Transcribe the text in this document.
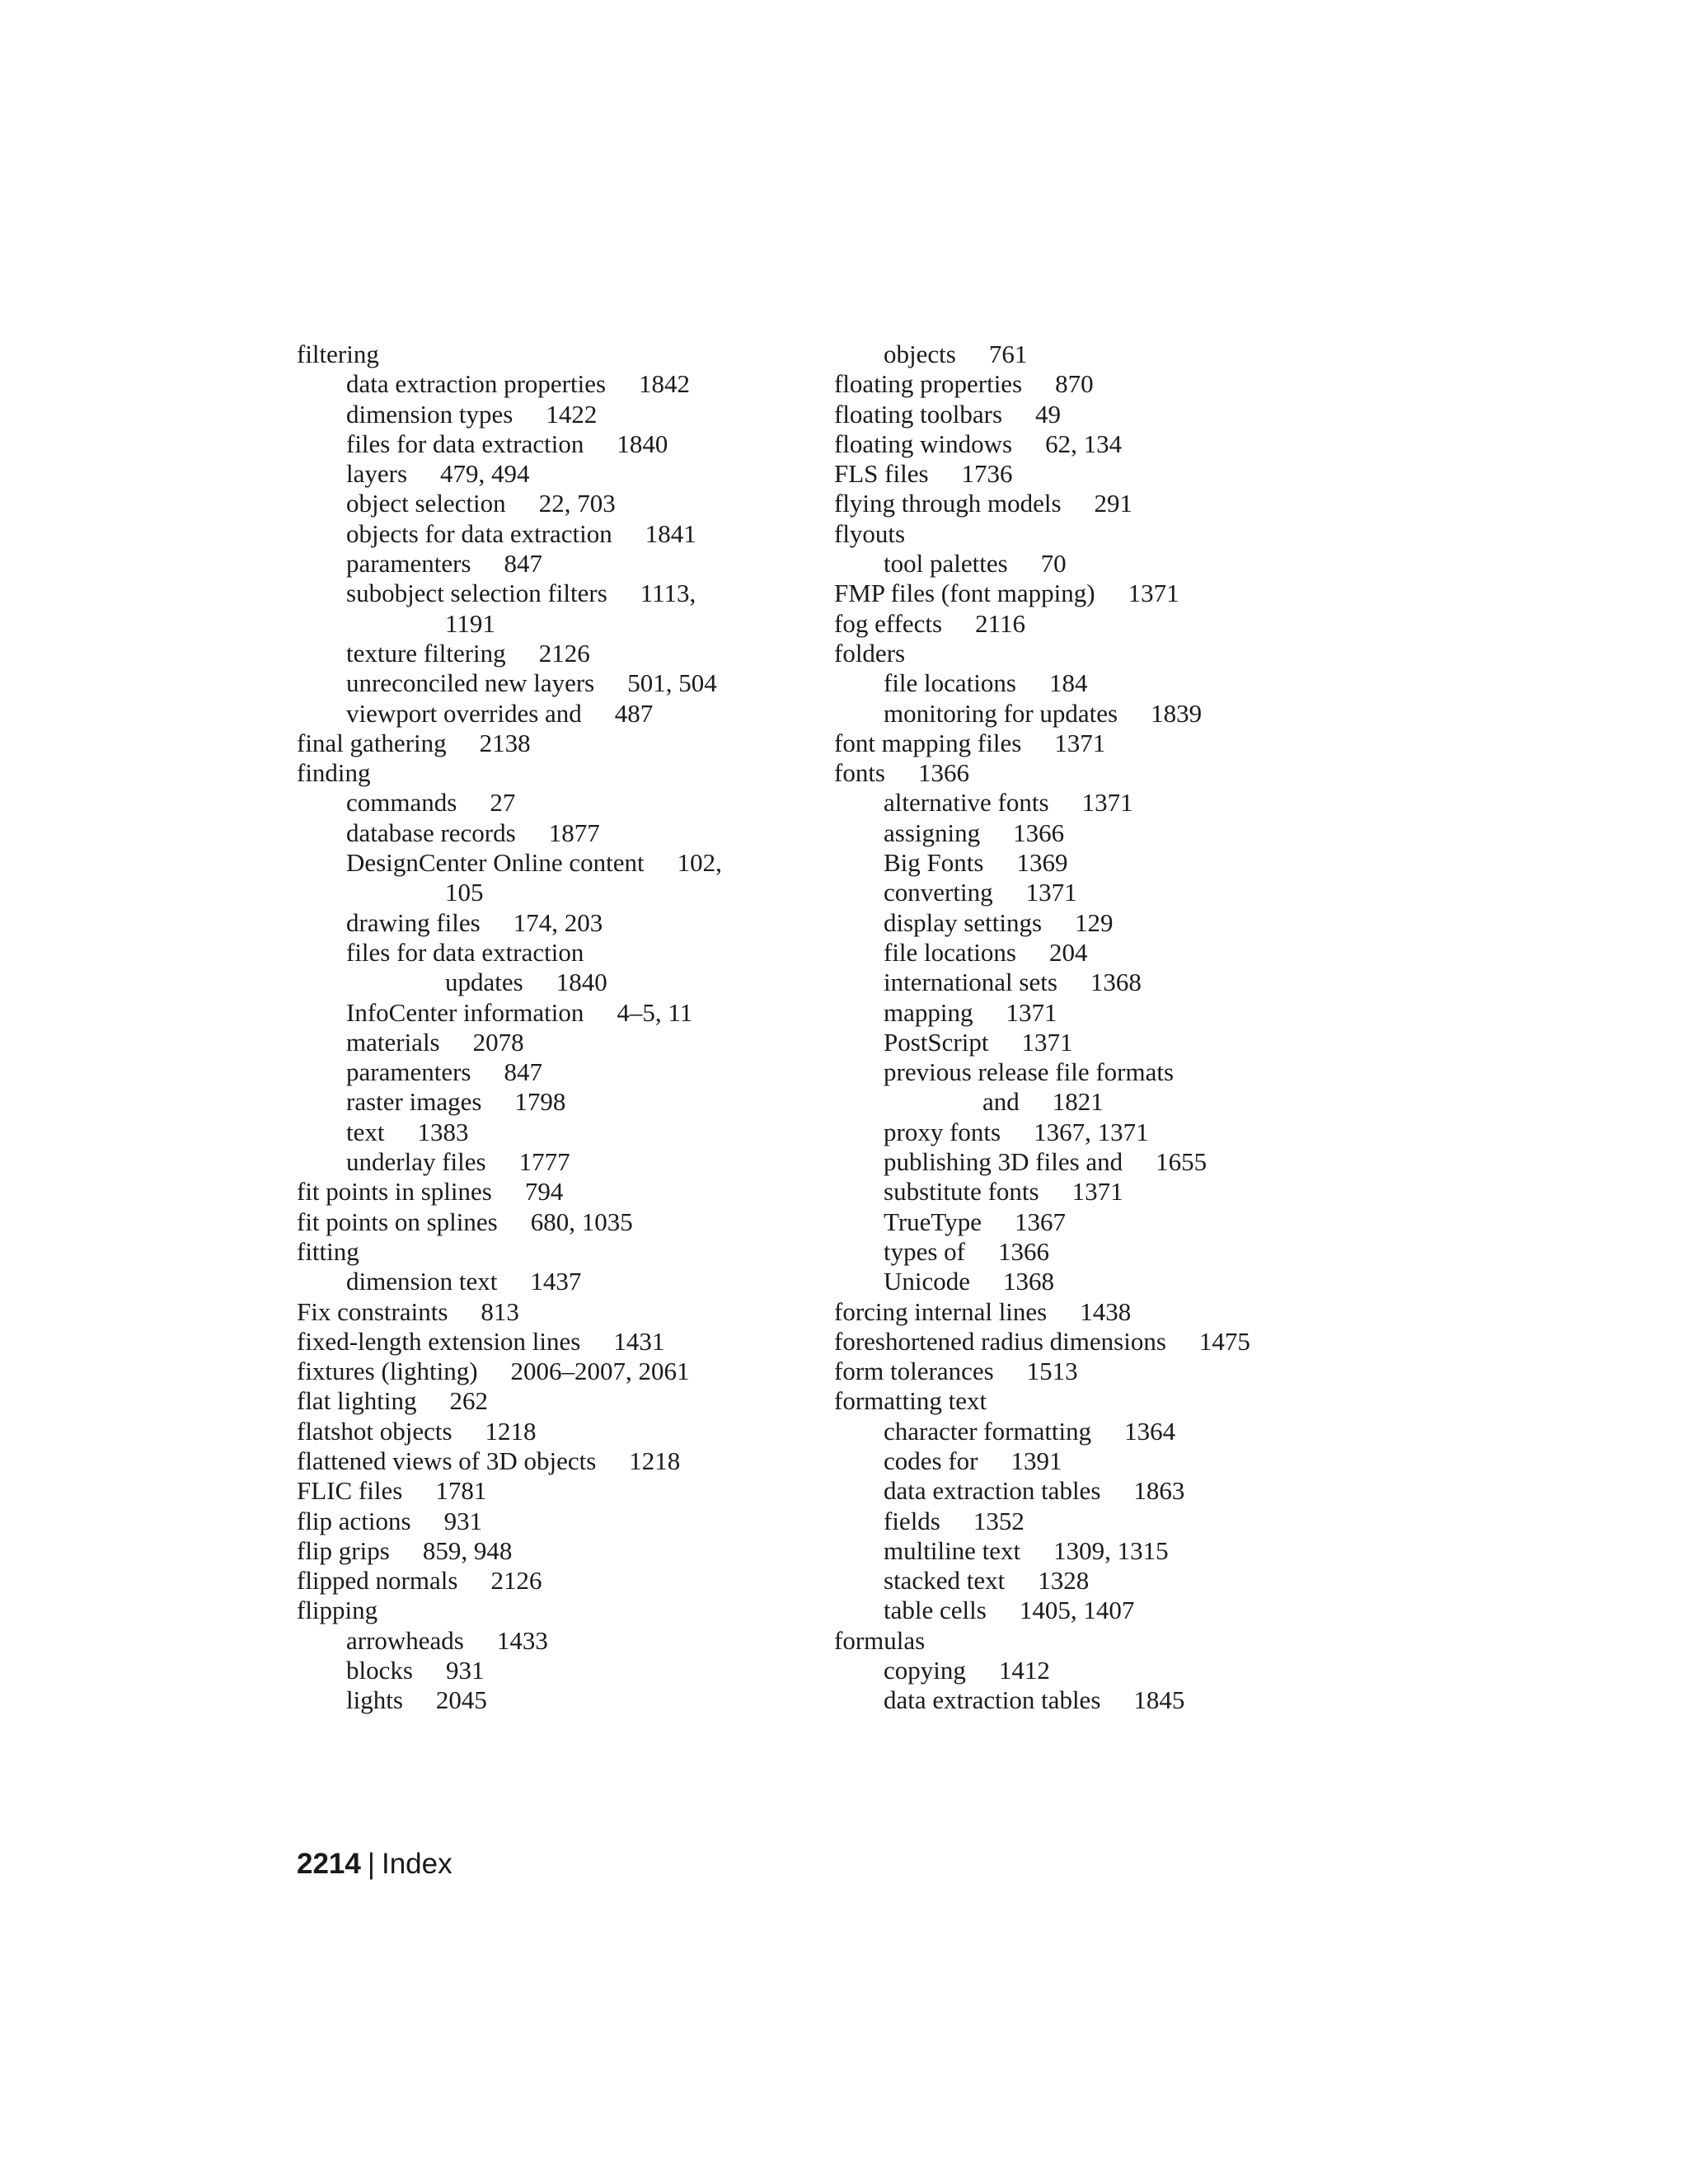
filtering
data extraction properties 1842
dimension types 1422
files for data extraction 1840
layers 479, 494
object selection 22, 703
objects for data extraction 1841
paramenters 847
subobject selection filters 1113,
1191
texture filtering 2126
unreconciled new layers 501, 504
viewport overrides and 487
final gathering 2138
finding
commands 27
database records 1877
DesignCenter Online content 102,
105
drawing files 174, 203
files for data extraction
updates 1840
InfoCenter information 4–5, 11
materials 2078
paramenters 847
raster images 1798
text 1383
underlay files 1777
fit points in splines 794
fit points on splines 680, 1035
fitting
dimension text 1437
Fix constraints 813
fixed-length extension lines 1431
fixtures (lighting) 2006–2007, 2061
flat lighting 262
flatshot objects 1218
flattened views of 3D objects 1218
FLIC files 1781
flip actions 931
flip grips 859, 948
flipped normals 2126
flipping
arrowheads 1433
blocks 931
lights 2045
objects 761
floating properties 870
floating toolbars 49
floating windows 62, 134
FLS files 1736
flying through models 291
flyouts
tool palettes 70
FMP files (font mapping) 1371
fog effects 2116
folders
file locations 184
monitoring for updates 1839
font mapping files 1371
fonts 1366
alternative fonts 1371
assigning 1366
Big Fonts 1369
converting 1371
display settings 129
file locations 204
international sets 1368
mapping 1371
PostScript 1371
previous release file formats
and 1821
proxy fonts 1367, 1371
publishing 3D files and 1655
substitute fonts 1371
TrueType 1367
types of 1366
Unicode 1368
forcing internal lines 1438
foreshortened radius dimensions 1475
form tolerances 1513
formatting text
character formatting 1364
codes for 1391
data extraction tables 1863
fields 1352
multiline text 1309, 1315
stacked text 1328
table cells 1405, 1407
formulas
copying 1412
data extraction tables 1845
2214 | Index
